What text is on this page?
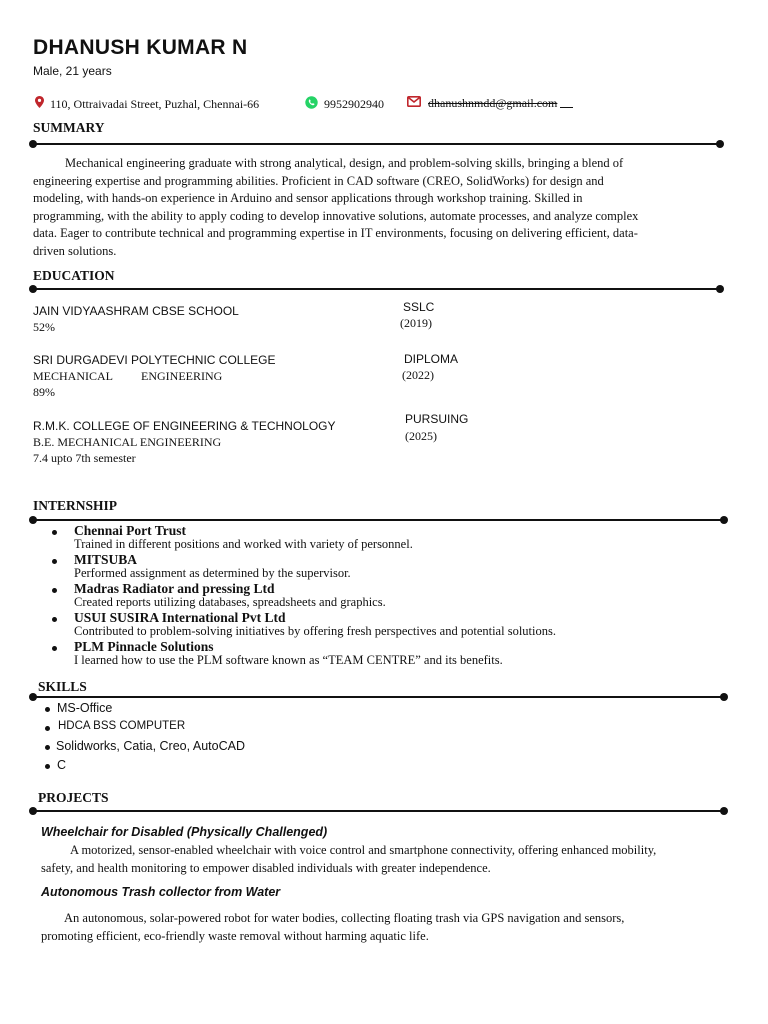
DHANUSH KUMAR N
Male, 21 years
110, Ottraivadai Street, Puzhal, Chennai-66	9952902940	dhanushnmdd@gmail.com
SUMMARY
Mechanical engineering graduate with strong analytical, design, and problem-solving skills, bringing a blend of
engineering expertise and programming abilities. Proficient in CAD software (CREO, SolidWorks) for design and
modeling, with hands-on experience in Arduino and sensor applications through workshop training. Skilled in
programming, with the ability to apply coding to develop innovative solutions, automate processes, and analyze complex
data. Eager to contribute technical and programming expertise in IT environments, focusing on delivering efficient, data-
driven solutions.
EDUCATION
JAIN VIDYAASHRAM CBSE SCHOOL
52%
SSLC
(2019)
SRI DURGADEVI POLYTECHNIC COLLEGE
MECHANICAL ENGINEERING
89%
DIPLOMA
(2022)
R.M.K. COLLEGE OF ENGINEERING & TECHNOLOGY
B.E. MECHANICAL ENGINEERING
7.4 upto 7th semester
PURSUING
(2025)
INTERNSHIP
Chennai Port Trust
Trained in different positions and worked with variety of personnel.
MITSUBA
Performed assignment as determined by the supervisor.
Madras Radiator and pressing Ltd
Created reports utilizing databases, spreadsheets and graphics.
USUI SUSIRA International Pvt Ltd
Contributed to problem-solving initiatives by offering fresh perspectives and potential solutions.
PLM Pinnacle Solutions
I learned how to use the PLM software known as “TEAM CENTRE” and its benefits.
SKILLS
MS-Office
HDCA BSS COMPUTER
Solidworks, Catia, Creo, AutoCAD
C
PROJECTS
Wheelchair for Disabled (Physically Challenged)
A motorized, sensor-enabled wheelchair with voice control and smartphone connectivity, offering enhanced mobility,
safety, and health monitoring to empower disabled individuals with greater independence.
Autonomous Trash collector from Water
An autonomous, solar-powered robot for water bodies, collecting floating trash via GPS navigation and sensors,
promoting efficient, eco-friendly waste removal without harming aquatic life.
